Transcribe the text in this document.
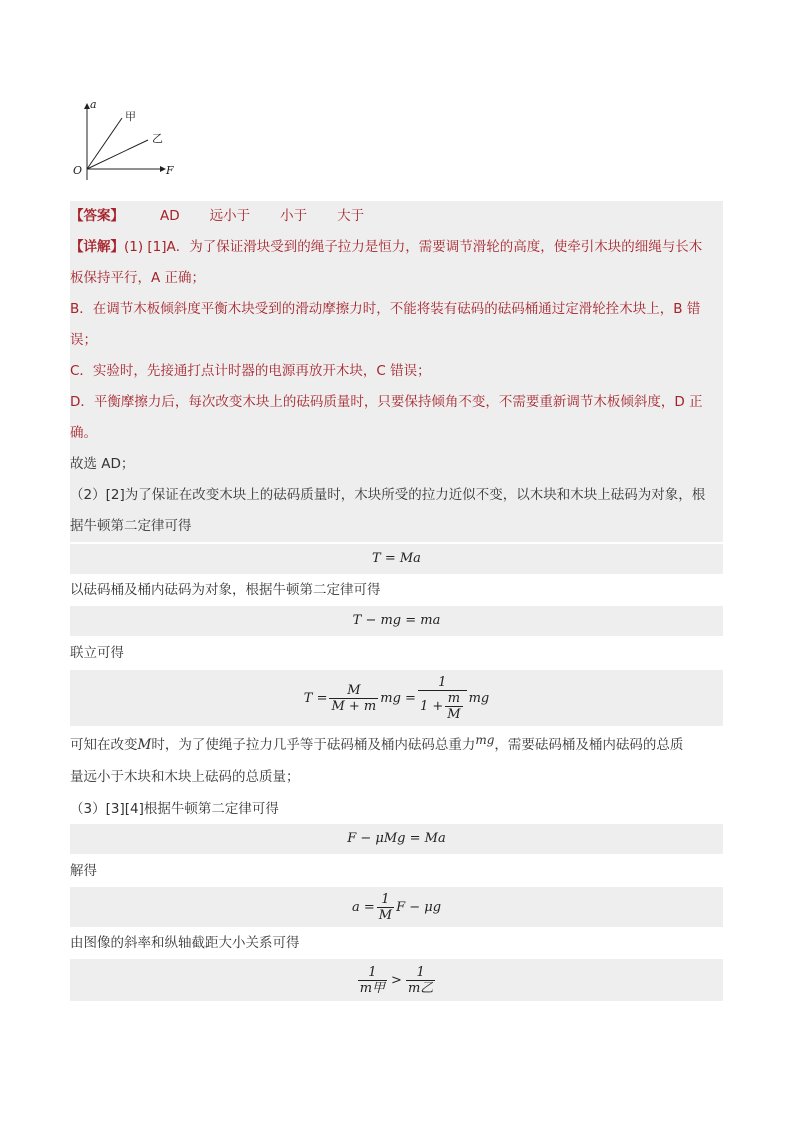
a
F
O
甲
乙
【答案】	AD 远小于 小于 大于
【详解】(1) [1]A．为了保证滑块受到的绳子拉力是恒力，需要调节滑轮的高度，使牵引木块的细绳与长木
板保持平行，A 正确；
B．在调节木板倾斜度平衡木块受到的滑动摩擦力时，不能将装有砝码的砝码桶通过定滑轮拴木块上，B 错
误；
C．实验时，先接通打点计时器的电源再放开木块，C 错误；
D．平衡摩擦力后，每次改变木块上的砝码质量时，只要保持倾角不变，不需要重新调节木板倾斜度，D 正
确。
故选 AD；
（2）[2]为了保证在改变木块上的砝码质量时，木块所受的拉力近似不变，以木块和木块上砝码为对象，根
据牛顿第二定律可得
T = Ma
以砝码桶及桶内砝码为对象，根据牛顿第二定律可得
T − mg = ma
联立可得
$T = \frac{M}{M + m}$ mg = $\frac{1}{1 + \frac{m}{M}}$ mg
可知在改变M时，为了使绳子拉力几乎等于砝码桶及桶内砝码总重力mg，需要砝码桶及桶内砝码的总质
量远小于木块和木块上砝码的总质量；
（3）[3][4]根据牛顿第二定律可得
F − μMg = Ma
解得
$a = \frac{1}{M}$ F − μg
由图像的斜率和纵轴截距大小关系可得
$\frac{1}{\text{m甲}} > \frac{1}{\text{m乙}}$
